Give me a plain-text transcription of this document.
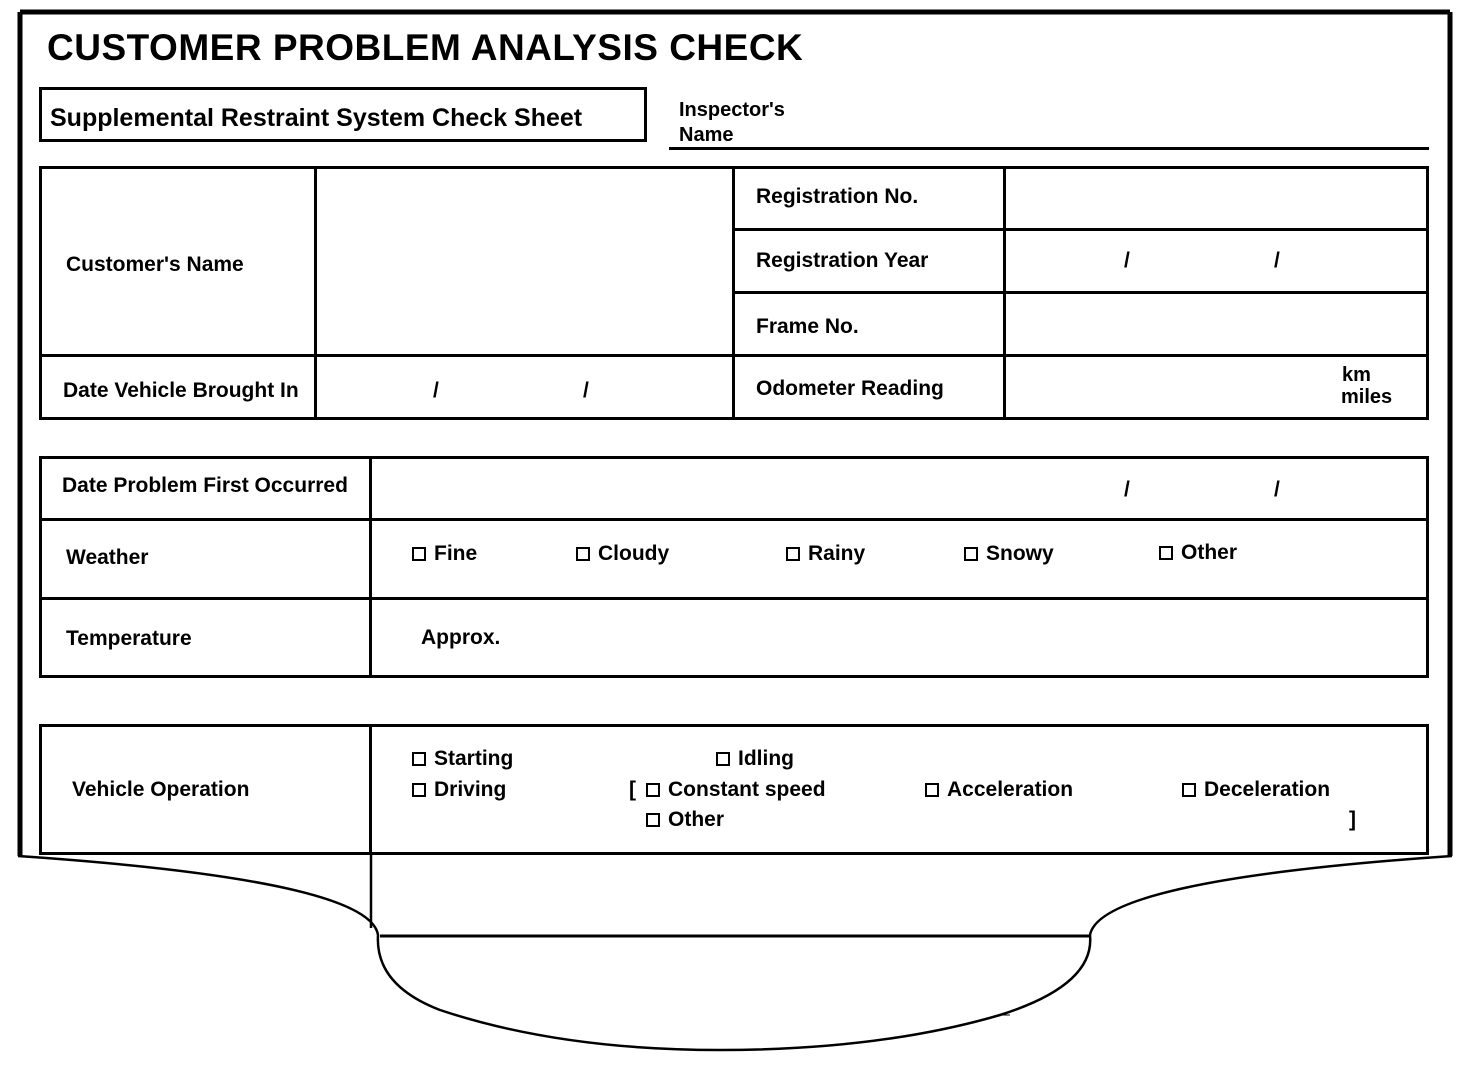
CUSTOMER PROBLEM ANALYSIS CHECK
Supplemental Restraint System Check Sheet	Inspector's
Name
Customer's Name
Registration No.
Registration Year	/	/
Frame No.
Date Vehicle Brought In	/	/	Odometer Reading
km
miles
Date Problem First Occurred	/	/
Weather	Fine	Cloudy	Rainy	Snowy	Other
Temperature	Approx.
Vehicle Operation
Starting	Idling
Driving	[	Constant speed	Acceleration	Deceleration
Other	]
